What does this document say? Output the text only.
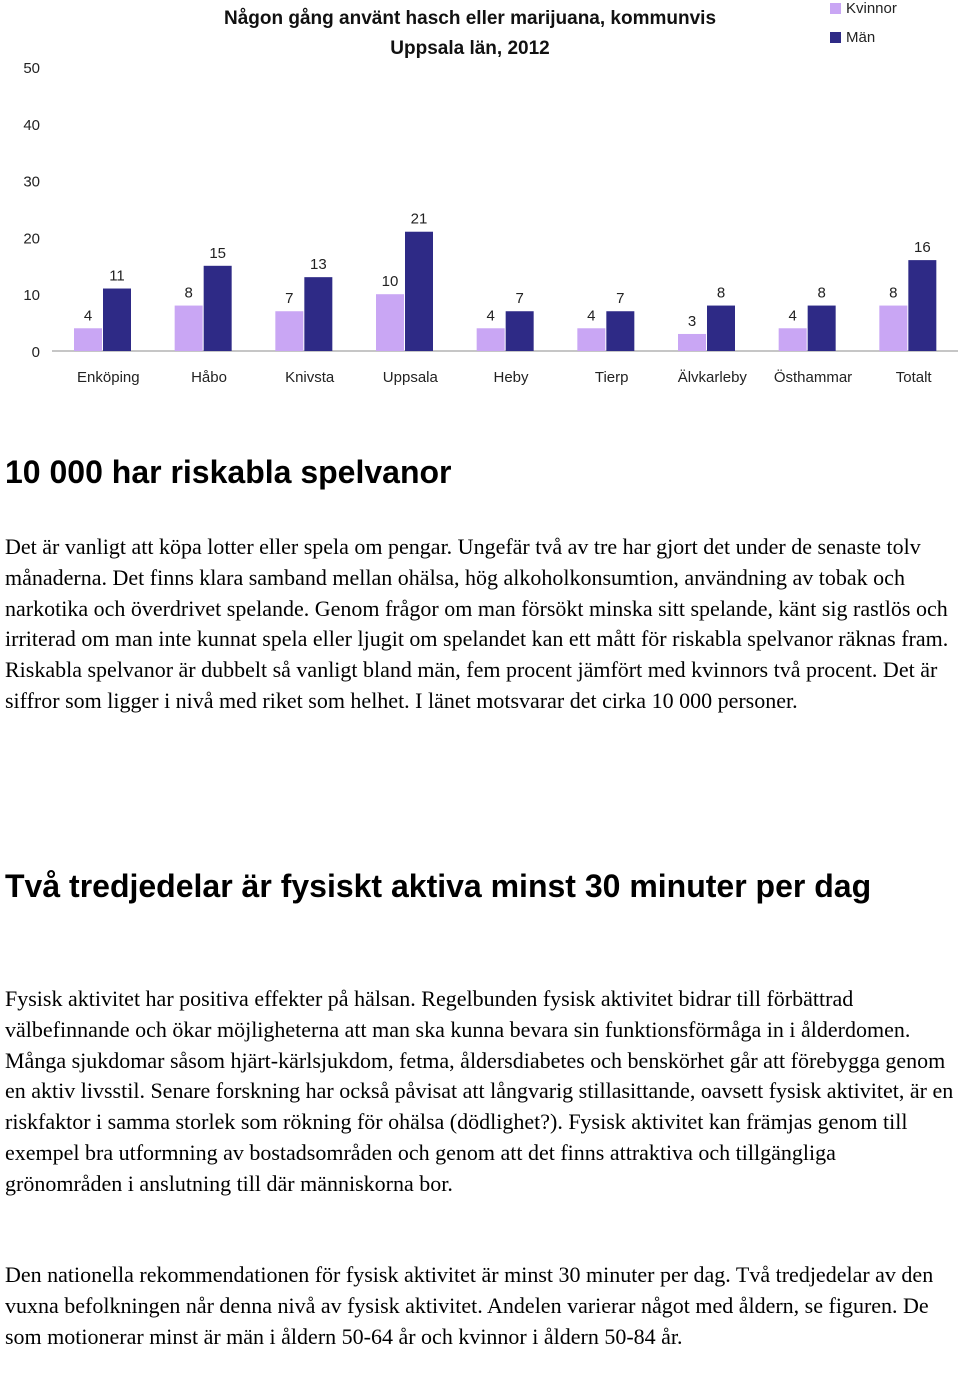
Någon gång använt hasch eller marijuana, kommunvis
Uppsala län, 2012
Kvinnor
Män
0
10
20
30
40
50
4
11
Enköping
8
15
Håbo
7
13
Knivsta
10
21
Uppsala
4
7
Heby
4
7
Tierp
3
8
Älvkarleby
4
8
Östhammar
8
16
Totalt
10 000 har riskabla spelvanor

Det är vanligt att köpa lotter eller spela om pengar. Ungefär två av tre har gjort det under de senaste tolv månaderna. Det finns klara samband mellan ohälsa, hög alkoholkonsumtion, användning av tobak och narkotika och överdrivet spelande. Genom frågor om man försökt minska sitt spelande, känt sig rastlös och irriterad om man inte kunnat spela eller ljugit om spelandet kan ett mått för riskabla spelvanor räknas fram. Riskabla spelvanor är dubbelt så vanligt bland män, fem procent jämfört med kvinnors två procent. Det är siffror som ligger i nivå med riket som helhet. I länet motsvarar det cirka 10 000 personer.

Två tredjedelar är fysiskt aktiva minst 30 minuter per dag

Fysisk aktivitet har positiva effekter på hälsan. Regelbunden fysisk aktivitet bidrar till förbättrad välbefinnande och ökar möjligheterna att man ska kunna bevara sin funktionsförmåga in i ålderdomen. Många sjukdomar såsom hjärt-kärlsjukdom, fetma, åldersdiabetes och benskörhet går att förebygga genom en aktiv livsstil. Senare forskning har också påvisat att långvarig stillasittande, oavsett fysisk aktivitet, är en riskfaktor i samma storlek som rökning för ohälsa (dödlighet?). Fysisk aktivitet kan främjas genom till exempel bra utformning av bostadsområden och genom att det finns attraktiva och tillgängliga grönområden i anslutning till där människorna bor.

Den nationella rekommendationen för fysisk aktivitet är minst 30 minuter per dag. Två tredjedelar av den vuxna befolkningen når denna nivå av fysisk aktivitet. Andelen varierar något med åldern, se figuren. De som motionerar minst är män i åldern 50-64 år och kvinnor i åldern 50-84 år.
